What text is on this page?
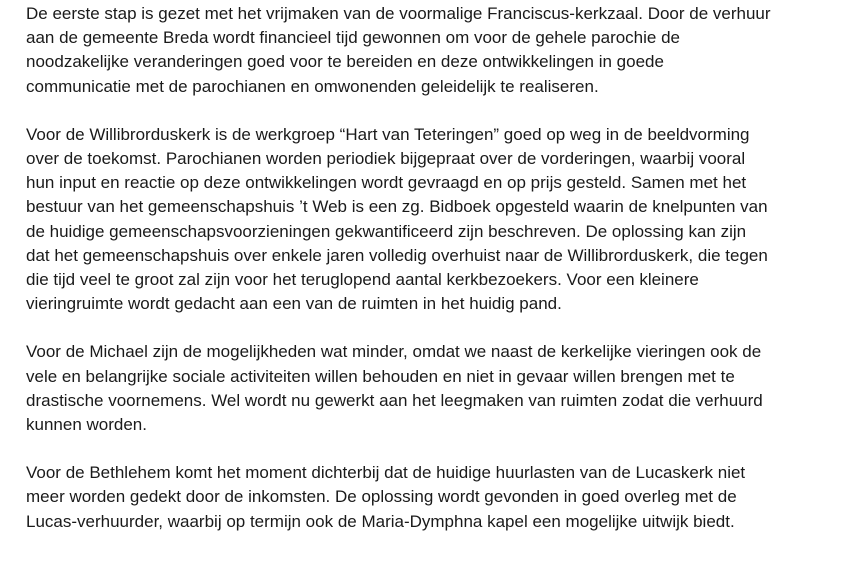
De eerste stap is gezet met het vrijmaken van de voormalige Franciscus-kerkzaal. Door de verhuur
aan de gemeente Breda wordt financieel tijd gewonnen om voor de gehele parochie de
noodzakelijke veranderingen goed voor te bereiden en deze ontwikkelingen in goede
communicatie met de parochianen en omwonenden geleidelijk te realiseren.

Voor de Willibrorduskerk is de werkgroep “Hart van Teteringen” goed op weg in de beeldvorming
over de toekomst. Parochianen worden periodiek bijgepraat over de vorderingen, waarbij vooral
hun input en reactie op deze ontwikkelingen wordt gevraagd en op prijs gesteld. Samen met het
bestuur van het gemeenschapshuis ’t Web is een zg. Bidboek opgesteld waarin de knelpunten van
de huidige gemeenschapsvoorzieningen gekwantificeerd zijn beschreven. De oplossing kan zijn
dat het gemeenschapshuis over enkele jaren volledig overhuist naar de Willibrorduskerk, die tegen
die tijd veel te groot zal zijn voor het teruglopend aantal kerkbezoekers. Voor een kleinere
vieringruimte wordt gedacht aan een van de ruimten in het huidig pand.

Voor de Michael zijn de mogelijkheden wat minder, omdat we naast de kerkelijke vieringen ook de
vele en belangrijke sociale activiteiten willen behouden en niet in gevaar willen brengen met te
drastische voornemens. Wel wordt nu gewerkt aan het leegmaken van ruimten zodat die verhuurd
kunnen worden.

Voor de Bethlehem komt het moment dichterbij dat de huidige huurlasten van de Lucaskerk niet
meer worden gedekt door de inkomsten. De oplossing wordt gevonden in goed overleg met de
Lucas-verhuurder, waarbij op termijn ook de Maria-Dymphna kapel een mogelijke uitwijk biedt.
